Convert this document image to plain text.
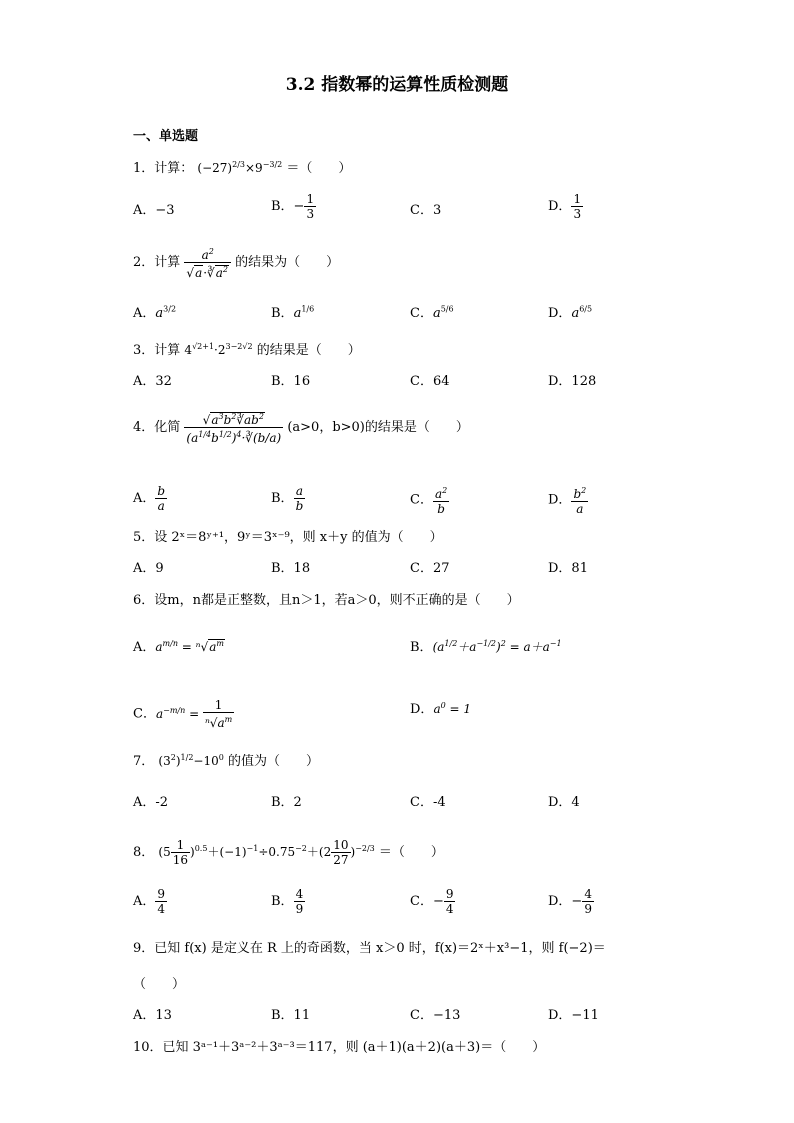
3.2 指数幂的运算性质检测题
一、单选题
1．计算： $(-27)^{2/3}\times 9^{-3/2}$ ＝（　　）
A．−3	B．− $\frac{1}{3}$	C．3	D． $\frac{1}{3}$
2．计算 $\frac{a^2}{√a\cdot∛a^2}$ 的结果为（　　）
A．$a^{3/2}$	B．$a^{1/6}$	C．$a^{5/6}$	D．$a^{6/5}$
3．计算 $4^{√2+1}\cdot 2^{3-2√2}$ 的结果是（　　）
A．32	B．16	C．64	D．128
4．化简 $\frac{√a^3b^2∛ab^2}{(a^{1/4}b^{1/2})^4\cdot∛(b/a)} (a>0$，b>0)的结果是（　　）
A． $\frac{b}{a}$	B． $\frac{a}{b}$	C． $\frac{a^2}{b}$	D． $\frac{b^2}{a}$
5．设 2ˣ＝8ʸ⁺¹，9ʸ＝3ˣ⁻⁹，则 x＋y 的值为（　　）
A．9	B．18	C．27	D．81
6．设m，n都是正整数，且n＞1，若a＞0，则不正确的是（　　）
A．$a^{m/n} = ^n√a^m$	B．$(a^{1/2}+a^{-1/2})^2 = a+a^{-1}$
C．$a^{-m/n} = \frac{1}{^n√a^m}$	D．$a^0 = 1$
7． $(3^2)^{1/2}-10^0$ 的值为（　　）
A．-2	B．2	C．-4	D．4
8． $(5 \frac{1}{16} )^{0.5}+(-1)^{-1}\div 0.75^{-2}+(2 \frac{10}{27} )^{-2/3}$ ＝（　　）
A． $\frac{9}{4}$	B． $\frac{4}{9}$	C．− $\frac{9}{4}$	D．− $\frac{4}{9}$
9．已知 f(x) 是定义在 R 上的奇函数，当 x＞0 时，f(x)＝2ˣ＋x³−1，则 f(−2)＝
（　　）
A．13	B．11	C．−13	D．−11
10．已知 3ᵃ⁻¹＋3ᵃ⁻²＋3ᵃ⁻³＝117，则 (a＋1)(a＋2)(a＋3)＝（　　）
